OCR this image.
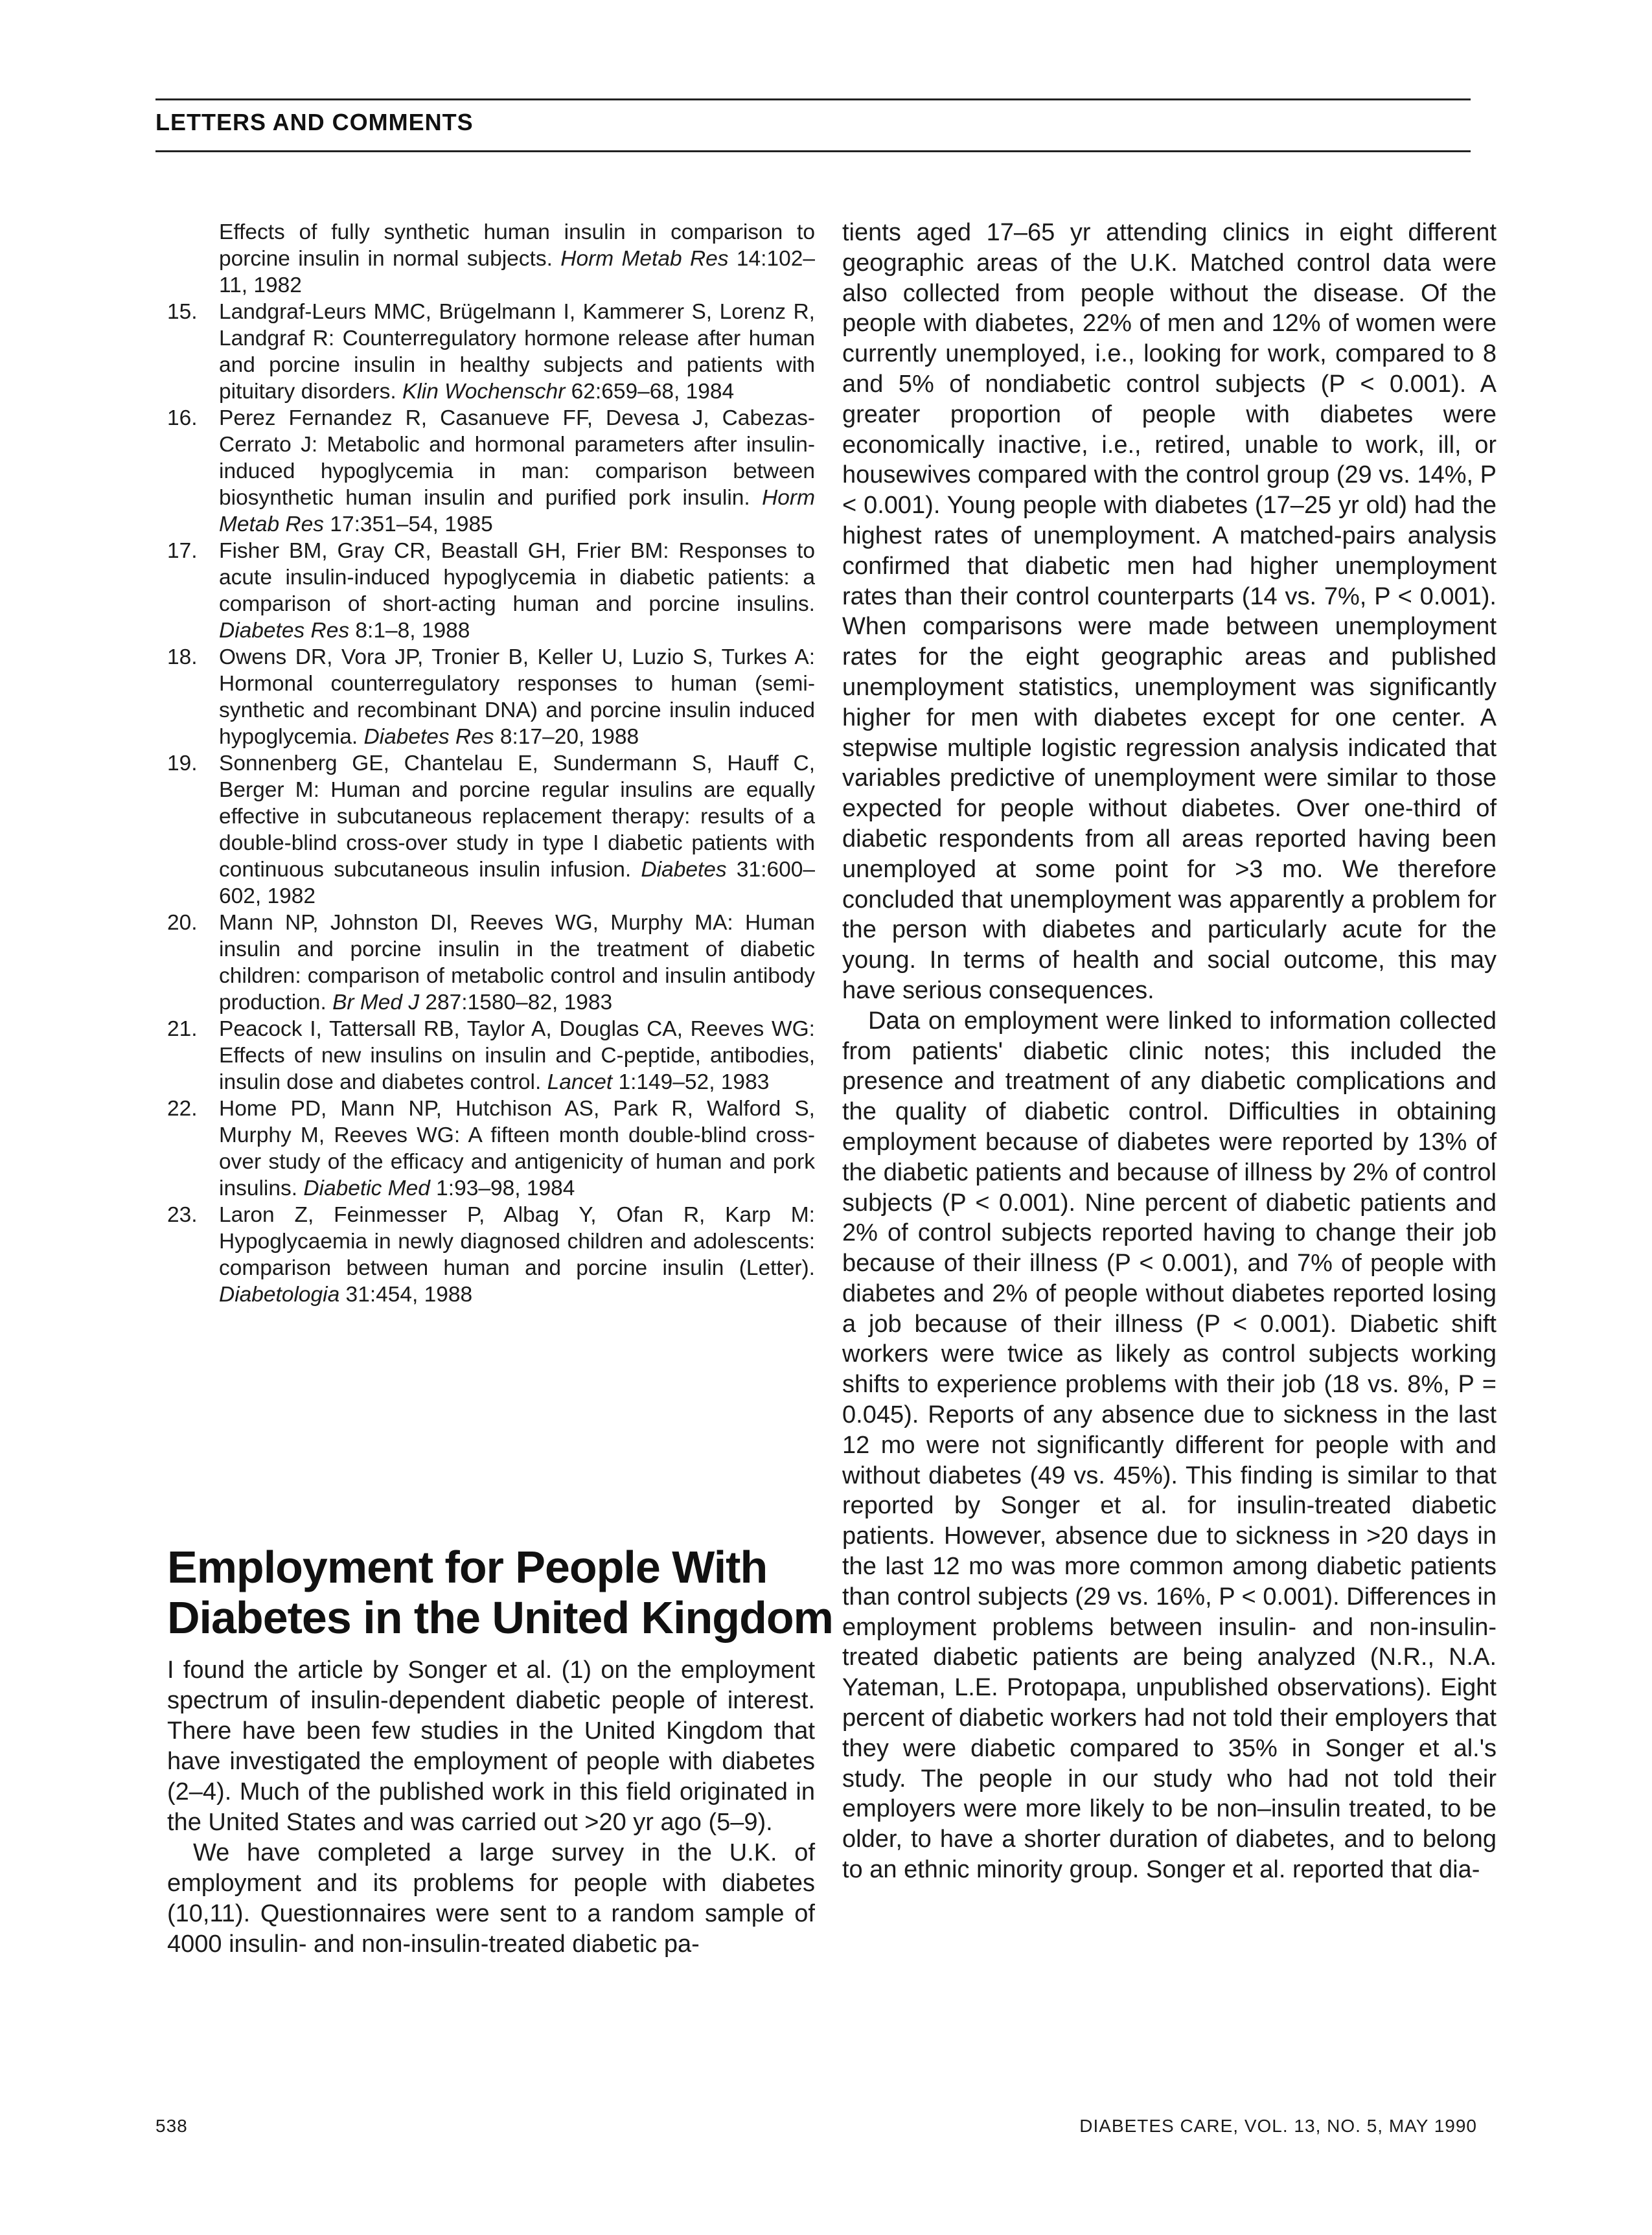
LETTERS AND COMMENTS

Effects of fully synthetic human insulin in comparison to porcine insulin in normal subjects. Horm Metab Res 14:102–11, 1982
15. Landgraf-Leurs MMC, Brügelmann I, Kammerer S, Lorenz R, Landgraf R: Counterregulatory hormone release after human and porcine insulin in healthy subjects and patients with pituitary disorders. Klin Wochenschr 62:659–68, 1984
16. Perez Fernandez R, Casanueve FF, Devesa J, Cabezas-Cerrato J: Metabolic and hormonal parameters after insulin-induced hypoglycemia in man: comparison between biosynthetic human insulin and purified pork insulin. Horm Metab Res 17:351–54, 1985
17. Fisher BM, Gray CR, Beastall GH, Frier BM: Responses to acute insulin-induced hypoglycemia in diabetic patients: a comparison of short-acting human and porcine insulins. Diabetes Res 8:1–8, 1988
18. Owens DR, Vora JP, Tronier B, Keller U, Luzio S, Turkes A: Hormonal counterregulatory responses to human (semi-synthetic and recombinant DNA) and porcine insulin induced hypoglycemia. Diabetes Res 8:17–20, 1988
19. Sonnenberg GE, Chantelau E, Sundermann S, Hauff C, Berger M: Human and porcine regular insulins are equally effective in subcutaneous replacement therapy: results of a double-blind cross-over study in type I diabetic patients with continuous subcutaneous insulin infusion. Diabetes 31:600–602, 1982
20. Mann NP, Johnston DI, Reeves WG, Murphy MA: Human insulin and porcine insulin in the treatment of diabetic children: comparison of metabolic control and insulin antibody production. Br Med J 287:1580–82, 1983
21. Peacock I, Tattersall RB, Taylor A, Douglas CA, Reeves WG: Effects of new insulins on insulin and C-peptide, antibodies, insulin dose and diabetes control. Lancet 1:149–52, 1983
22. Home PD, Mann NP, Hutchison AS, Park R, Walford S, Murphy M, Reeves WG: A fifteen month double-blind cross-over study of the efficacy and antigenicity of human and pork insulins. Diabetic Med 1:93–98, 1984
23. Laron Z, Feinmesser P, Albag Y, Ofan R, Karp M: Hypoglycaemia in newly diagnosed children and adolescents: comparison between human and porcine insulin (Letter). Diabetologia 31:454, 1988
Employment for People With Diabetes in the United Kingdom

I found the article by Songer et al. (1) on the employment spectrum of insulin-dependent diabetic people of interest. There have been few studies in the United Kingdom that have investigated the employment of people with diabetes (2–4). Much of the published work in this field originated in the United States and was carried out >20 yr ago (5–9).

We have completed a large survey in the U.K. of employment and its problems for people with diabetes (10,11). Questionnaires were sent to a random sample of 4000 insulin- and non-insulin-treated diabetic pa-

tients aged 17–65 yr attending clinics in eight different geographic areas of the U.K. Matched control data were also collected from people without the disease. Of the people with diabetes, 22% of men and 12% of women were currently unemployed, i.e., looking for work, compared to 8 and 5% of nondiabetic control subjects (P < 0.001). A greater proportion of people with diabetes were economically inactive, i.e., retired, unable to work, ill, or housewives compared with the control group (29 vs. 14%, P < 0.001). Young people with diabetes (17–25 yr old) had the highest rates of unemployment. A matched-pairs analysis confirmed that diabetic men had higher unemployment rates than their control counterparts (14 vs. 7%, P < 0.001). When comparisons were made between unemployment rates for the eight geographic areas and published unemployment statistics, unemployment was significantly higher for men with diabetes except for one center. A stepwise multiple logistic regression analysis indicated that variables predictive of unemployment were similar to those expected for people without diabetes. Over one-third of diabetic respondents from all areas reported having been unemployed at some point for >3 mo. We therefore concluded that unemployment was apparently a problem for the person with diabetes and particularly acute for the young. In terms of health and social outcome, this may have serious consequences.

Data on employment were linked to information collected from patients' diabetic clinic notes; this included the presence and treatment of any diabetic complications and the quality of diabetic control. Difficulties in obtaining employment because of diabetes were reported by 13% of the diabetic patients and because of illness by 2% of control subjects (P < 0.001). Nine percent of diabetic patients and 2% of control subjects reported having to change their job because of their illness (P < 0.001), and 7% of people with diabetes and 2% of people without diabetes reported losing a job because of their illness (P < 0.001). Diabetic shift workers were twice as likely as control subjects working shifts to experience problems with their job (18 vs. 8%, P = 0.045). Reports of any absence due to sickness in the last 12 mo were not significantly different for people with and without diabetes (49 vs. 45%). This finding is similar to that reported by Songer et al. for insulin-treated diabetic patients. However, absence due to sickness in >20 days in the last 12 mo was more common among diabetic patients than control subjects (29 vs. 16%, P < 0.001). Differences in employment problems between insulin- and non-insulin-treated diabetic patients are being analyzed (N.R., N.A. Yateman, L.E. Protopapa, unpublished observations). Eight percent of diabetic workers had not told their employers that they were diabetic compared to 35% in Songer et al.'s study. The people in our study who had not told their employers were more likely to be non–insulin treated, to be older, to have a shorter duration of diabetes, and to belong to an ethnic minority group. Songer et al. reported that dia-

538	DIABETES CARE, VOL. 13, NO. 5, MAY 1990
